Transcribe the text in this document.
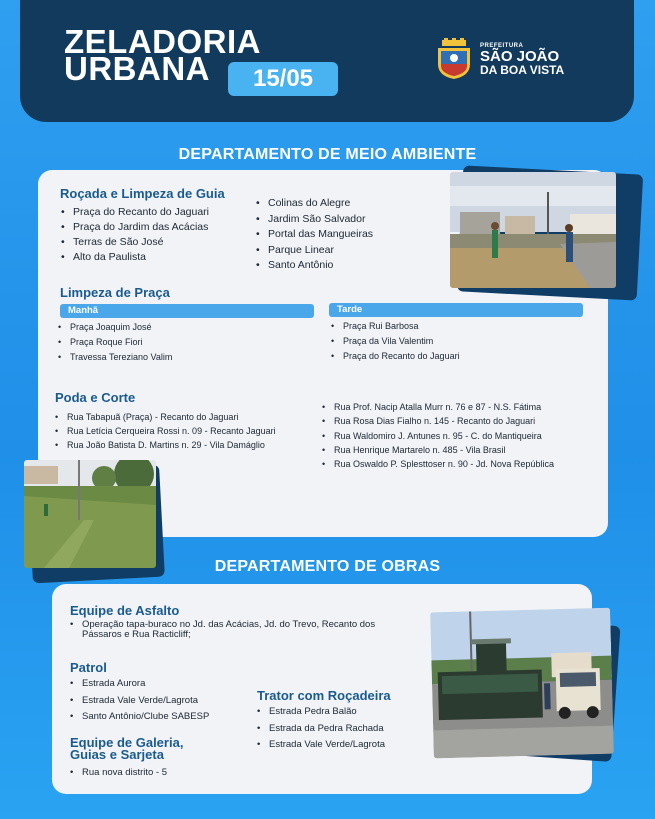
ZELADORIA
URBANA	15/05
PREFEITURA
SÃO JOÃO
DA BOA VISTA
DEPARTAMENTO DE MEIO AMBIENTE
Roçada e Limpeza de Guia
• Praça do Recanto do Jaguari
• Praça do Jardim das Acácias
• Terras de São José
• Alto da Paulista
• Colinas do Alegre
• Jardim São Salvador
• Portal das Mangueiras
• Parque Linear
• Santo Antônio
Limpeza de Praça
Manhã	Tarde
• Praça Joaquim José
• Praça Roque Fiori
• Travessa Tereziano Valim
• Praça Rui Barbosa
• Praça da Vila Valentim
• Praça do Recanto do Jaguari
Poda e Corte
• Rua Tabapuã (Praça) - Recanto do Jaguari
• Rua Letícia Cerqueira Rossi n. 09 - Recanto Jaguari
• Rua João Batista D. Martins n. 29 - Vila Damáglio
• Rua Prof. Nacip Atalla Murr n. 76 e 87 - N.S. Fátima
• Rua Rosa Dias Fialho n. 145 - Recanto do Jaguari
• Rua Waldomiro J. Antunes n. 95 - C. do Mantiqueira
• Rua Henrique Martarelo n. 485 - Vila Brasil
• Rua Oswaldo P. Splesttoser n. 90 - Jd. Nova República
DEPARTAMENTO DE OBRAS
Equipe de Asfalto
• Operação tapa-buraco no Jd. das Acácias, Jd. do Trevo, Recanto dos Pássaros e Rua Racticliff;
Patrol
• Estrada Aurora
• Estrada Vale Verde/Lagrota
• Santo Antônio/Clube SABESP
Trator com Roçadeira
• Estrada Pedra Balão
• Estrada da Pedra Rachada
• Estrada Vale Verde/Lagrota
Equipe de Galeria,
Guias e Sarjeta
• Rua nova distrito - 5
